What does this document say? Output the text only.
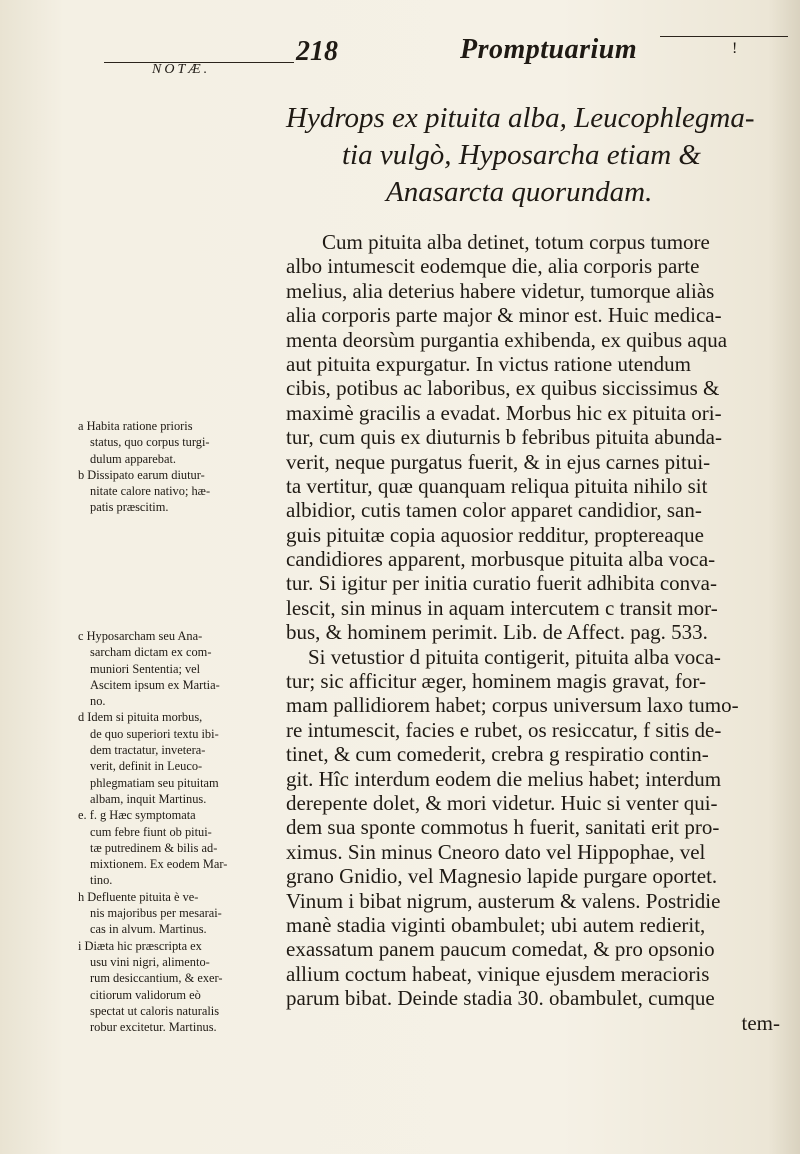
NOTÆ.
218	Promptuarium	!
Hydrops ex pituita alba, Leucophlegma-
tia vulgò, Hyposarcha etiam &
Anasarcta quorundam.
Cum pituita alba detinet, totum corpus tumore
albo intumescit eodemque die, alia corporis parte
melius, alia deterius habere videtur, tumorque aliàs
alia corporis parte major & minor est. Huic medica-
menta deorsùm purgantia exhibenda, ex quibus aqua
aut pituita expurgatur. In victus ratione utendum
cibis, potibus ac laboribus, ex quibus siccissimus &
maximè gracilis a evadat. Morbus hic ex pituita ori-
tur, cum quis ex diuturnis b febribus pituita abunda-
verit, neque purgatus fuerit, & in ejus carnes pitui-
ta vertitur, quæ quanquam reliqua pituita nihilo sit
albidior, cutis tamen color apparet candidior, san-
guis pituitæ copia aquosior redditur, proptereaque
candidiores apparent, morbusque pituita alba voca-
tur. Si igitur per initia curatio fuerit adhibita conva-
lescit, sin minus in aquam intercutem c transit mor-
bus, & hominem perimit. Lib. de Affect. pag. 533.
Si vetustior d pituita contigerit, pituita alba voca-
tur; sic afficitur æger, hominem magis gravat, for-
mam pallidiorem habet; corpus universum laxo tumo-
re intumescit, facies e rubet, os resiccatur, f sitis de-
tinet, & cum comederit, crebra g respiratio contin-
git. Hîc interdum eodem die melius habet; interdum
derepente dolet, & mori videtur. Huic si venter qui-
dem sua sponte commotus h fuerit, sanitati erit pro-
ximus. Sin minus Cneoro dato vel Hippophae, vel
grano Gnidio, vel Magnesio lapide purgare oportet.
Vinum i bibat nigrum, austerum & valens. Postridie
manè stadia viginti obambulet; ubi autem redierit,
exassatum panem paucum comedat, & pro opsonio
allium coctum habeat, vinique ejusdem meracioris
parum bibat. Deinde stadia 30. obambulet, cumque
tem-
a Habita ratione prioris
status, quo corpus turgi-
dulum apparebat.
b Dissipato earum diutur-
nitate calore nativo; hæ-
patis præscitim.
c Hyposarcham seu Ana-
sarcham dictam ex com-
muniori Sententia; vel
Ascitem ipsum ex Martia-
no.
d Idem si pituita morbus,
de quo superiori textu ibi-
dem tractatur, invetera-
verit, definit in Leuco-
phlegmatiam seu pituitam
albam, inquit Martinus.
e. f. g Hæc symptomata
cum febre fiunt ob pitui-
tæ putredinem & bilis ad-
mixtionem. Ex eodem Mar-
tino.
h Defluente pituita è ve-
nis majoribus per mesarai-
cas in alvum. Martinus.
i Diæta hic præscripta ex
usu vini nigri, alimento-
rum desiccantium, & exer-
citiorum validorum eò
spectat ut caloris naturalis
robur excitetur. Martinus.
